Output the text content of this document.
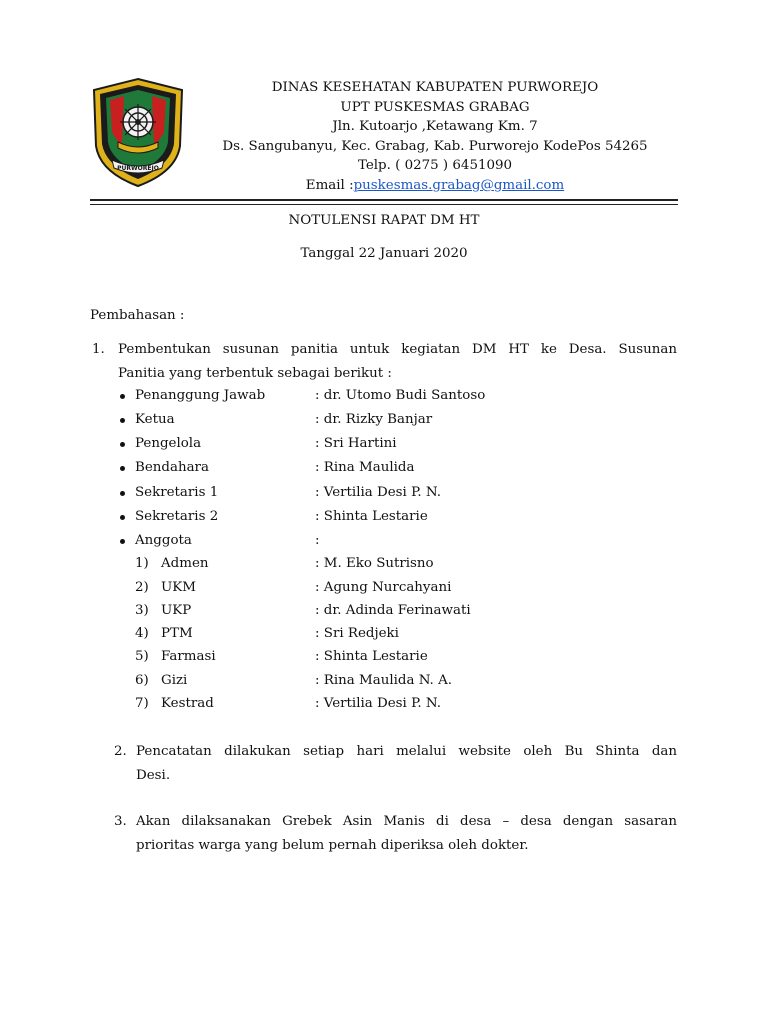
PURWOREJO
DINAS KESEHATAN KABUPATEN PURWOREJO
UPT PUSKESMAS GRABAG
Jln. Kutoarjo ,Ketawang Km. 7
Ds. Sangubanyu, Kec. Grabag, Kab. Purworejo KodePos 54265
Telp. ( 0275 ) 6451090
Email :puskesmas.grabag@gmail.com
NOTULENSI RAPAT DM HT
Tanggal 22 Januari 2020
Pembahasan :
1. Pembentukan susunan panitia untuk kegiatan DM HT ke Desa. Susunan
Panitia yang terbentuk sebagai berikut :
Penanggung Jawab	: dr. Utomo Budi Santoso
Ketua	: dr. Rizky Banjar
Pengelola	: Sri Hartini
Bendahara	: Rina Maulida
Sekretaris 1	: Vertilia Desi P. N.
Sekretaris 2	: Shinta Lestarie
Anggota	:
1) Admen	: M. Eko Sutrisno
2) UKM	: Agung Nurcahyani
3) UKP	: dr. Adinda Ferinawati
4) PTM	: Sri Redjeki
5) Farmasi	: Shinta Lestarie
6) Gizi	: Rina Maulida N. A.
7) Kestrad	: Vertilia Desi P. N.
2. Pencatatan dilakukan setiap hari melalui website oleh Bu Shinta dan
Desi.
3. Akan dilaksanakan Grebek Asin Manis di desa – desa dengan sasaran
prioritas warga yang belum pernah diperiksa oleh dokter.
